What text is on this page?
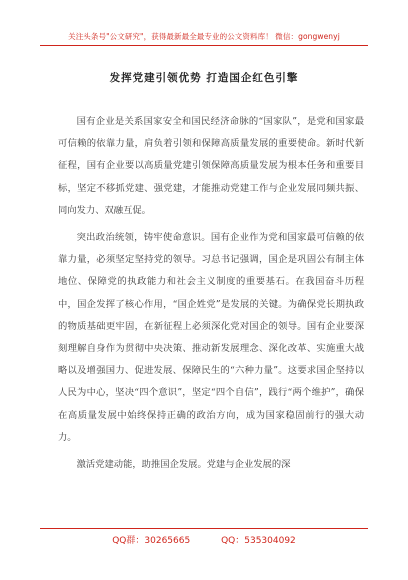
关注头条号"公文研究"，获得最新最全最专业的公文资料库！ 微信：gongwenyj
发挥党建引领优势 打造国企红色引擎

国有企业是关系国家安全和国民经济命脉的“国家队”，是党和国家最可信赖的依靠力量，肩负着引领和保障高质量发展的重要使命。新时代新征程，国有企业要以高质量党建引领保障高质量发展为根本任务和重要目标，坚定不移抓党建、强党建，才能推动党建工作与企业发展同频共振、同向发力、双融互促。

突出政治统领，铸牢使命意识。国有企业作为党和国家最可信赖的依靠力量，必须坚定坚持党的领导。习总书记强调，国企是巩固公有制主体地位、保障党的执政能力和社会主义制度的重要基石。在我国奋斗历程中，国企发挥了核心作用，“国企姓党”是发展的关键。为确保党长期执政的物质基础更牢固，在新征程上必须深化党对国企的领导。国有企业要深刻理解自身作为贯彻中央决策、推动新发展理念、深化改革、实施重大战略以及增强国力、促进发展、保障民生的“六种力量”。这要求国企坚持以人民为中心，坚决“四个意识”，坚定“四个自信”，践行“两个维护”，确保在高质量发展中始终保持正确的政治方向，成为国家稳固前行的强大动力。

激活党建动能，助推国企发展。党建与企业发展的深

QQ群：30265665	QQ：535304092
